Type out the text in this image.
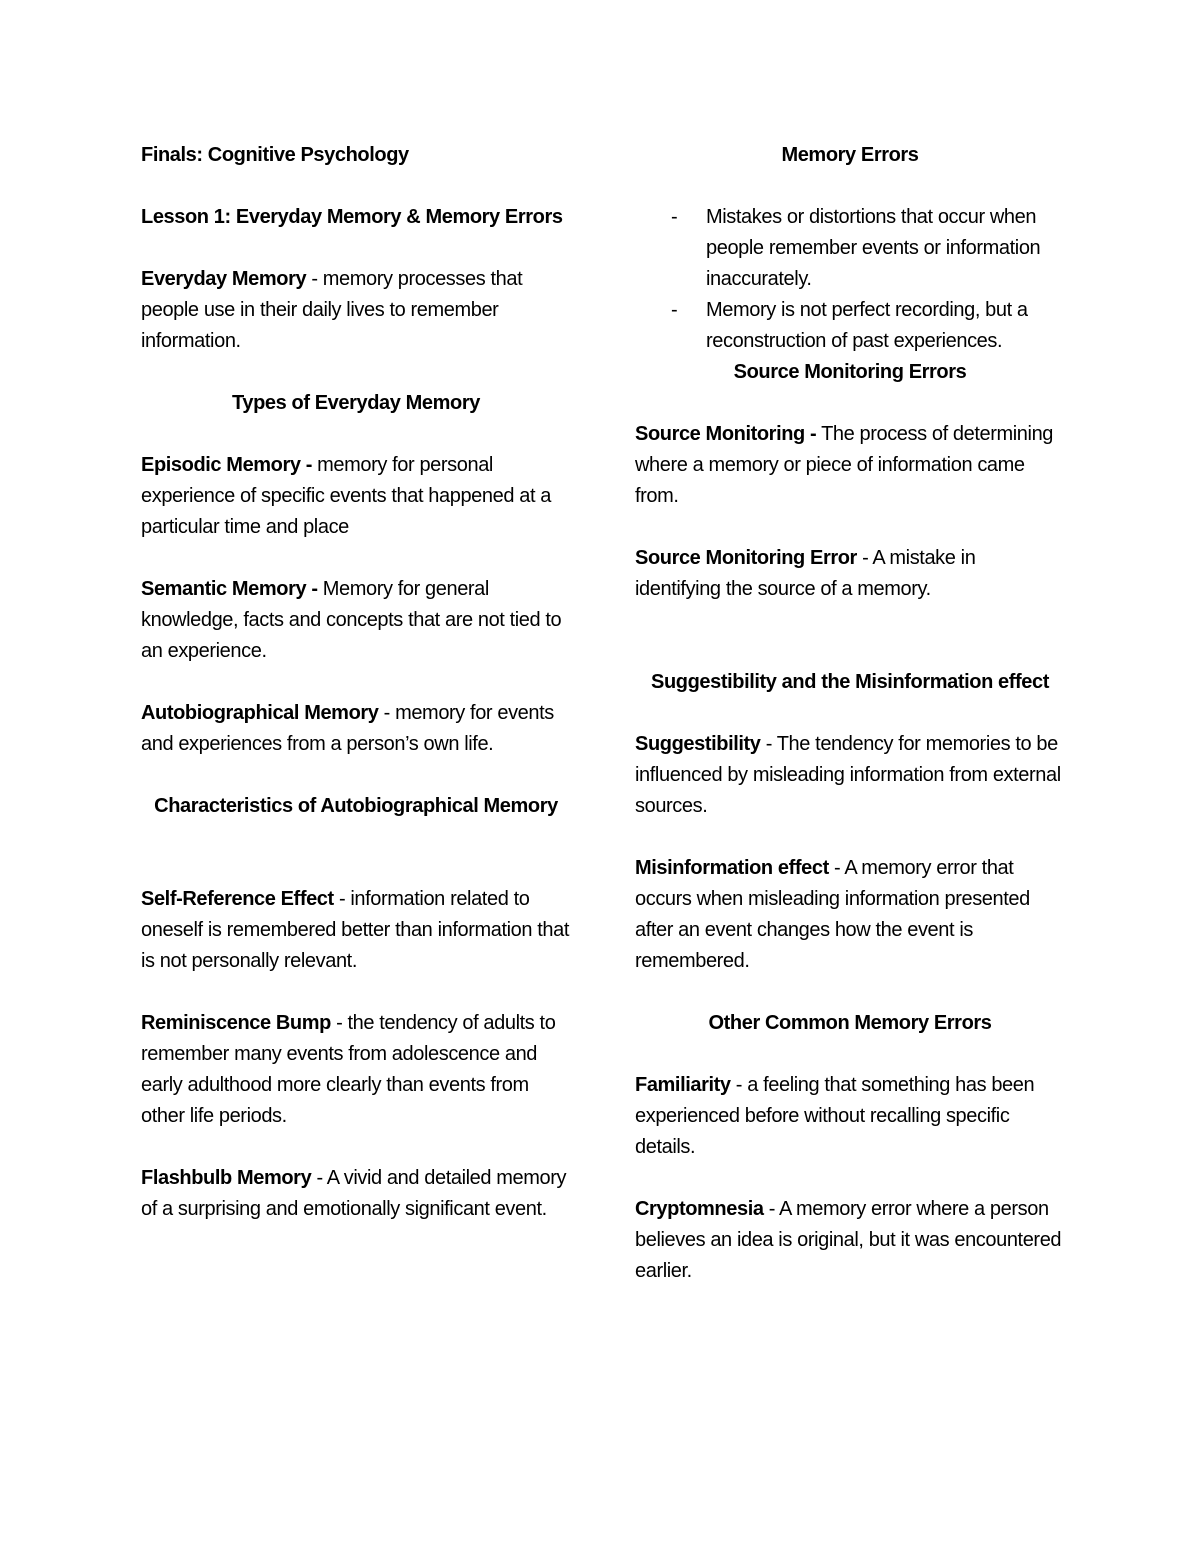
Finals: Cognitive Psychology

Lesson 1: Everyday Memory & Memory Errors

Everyday Memory - memory processes that people use in their daily lives to remember information.

Types of Everyday Memory

Episodic Memory - memory for personal experience of specific events that happened at a particular time and place

Semantic Memory - Memory for general knowledge, facts and concepts that are not tied to an experience.

Autobiographical Memory - memory for events and experiences from a person’s own life.

Characteristics of Autobiographical Memory

Self-Reference Effect - information related to oneself is remembered better than information that is not personally relevant.

Reminiscence Bump - the tendency of adults to remember many events from adolescence and early adulthood more clearly than events from other life periods.

Flashbulb Memory - A vivid and detailed memory of a surprising and emotionally significant event.

Memory Errors

- Mistakes or distortions that occur when people remember events or information inaccurately.
- Memory is not perfect recording, but a reconstruction of past experiences.

Source Monitoring Errors

Source Monitoring - The process of determining where a memory or piece of information came from.

Source Monitoring Error - A mistake in identifying the source of a memory.

Suggestibility and the Misinformation effect

Suggestibility - The tendency for memories to be influenced by misleading information from external sources.

Misinformation effect - A memory error that occurs when misleading information presented after an event changes how the event is remembered.

Other Common Memory Errors

Familiarity - a feeling that something has been experienced before without recalling specific details.

Cryptomnesia - A memory error where a person believes an idea is original, but it was encountered earlier.
